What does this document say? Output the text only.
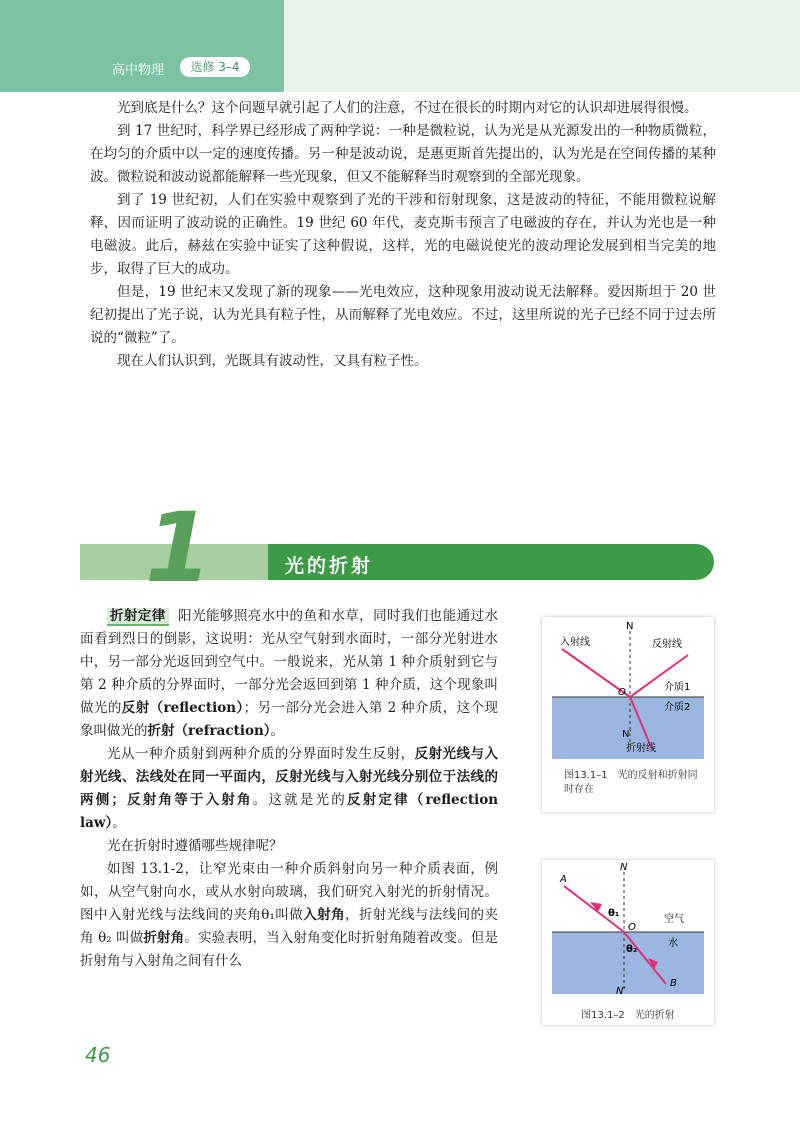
高中物理	选修 3–4

光到底是什么？这个问题早就引起了人们的注意，不过在很长的时期内对它的认识却进展得很慢。

到 17 世纪时，科学界已经形成了两种学说：一种是微粒说，认为光是从光源发出的一种物质微粒，在均匀的介质中以一定的速度传播。另一种是波动说，是惠更斯首先提出的，认为光是在空间传播的某种波。微粒说和波动说都能解释一些光现象，但又不能解释当时观察到的全部光现象。

到了 19 世纪初，人们在实验中观察到了光的干涉和衍射现象，这是波动的特征，不能用微粒说解释，因而证明了波动说的正确性。19 世纪 60 年代，麦克斯韦预言了电磁波的存在，并认为光也是一种电磁波。此后，赫兹在实验中证实了这种假说，这样，光的电磁说使光的波动理论发展到相当完美的地步，取得了巨大的成功。

但是，19 世纪末又发现了新的现象——光电效应，这种现象用波动说无法解释。爱因斯坦于 20 世纪初提出了光子说，认为光具有粒子性，从而解释了光电效应。不过，这里所说的光子已经不同于过去所说的“微粒”了。

现在人们认识到，光既具有波动性，又具有粒子性。

1	光的折射

折射定律 阳光能够照亮水中的鱼和水草，同时我们也能通过水面看到烈日的倒影，这说明：光从空气射到水面时，一部分光射进水中，另一部分光返回到空气中。一般说来，光从第 1 种介质射到它与第 2 种介质的分界面时，一部分光会返回到第 1 种介质，这个现象叫做光的反射（reflection）；另一部分光会进入第 2 种介质，这个现象叫做光的折射（refraction）。

光从一种介质射到两种介质的分界面时发生反射，反射光线与入射光线、法线处在同一平面内，反射光线与入射光线分别位于法线的两侧；反射角等于入射角。这就是光的反射定律（reflection law）。

光在折射时遵循哪些规律呢？

如图 13.1-2，让窄光束由一种介质斜射向另一种介质表面，例如，从空气射向水，或从水射向玻璃，我们研究入射光的折射情况。图中入射光线与法线间的夹角θ₁叫做入射角，折射光线与法线间的夹角 θ₂ 叫做折射角。实验表明，当入射角变化时折射角随着改变。但是折射角与入射角之间有什么

N
N′
入射线	反射线
O	介质1
介质2
折射线
图13.1–1　光的反射和折射同时存在
A
B
N
N′
O
θ₁
θ₂
空气
水
图13.1–2　光的折射
46
